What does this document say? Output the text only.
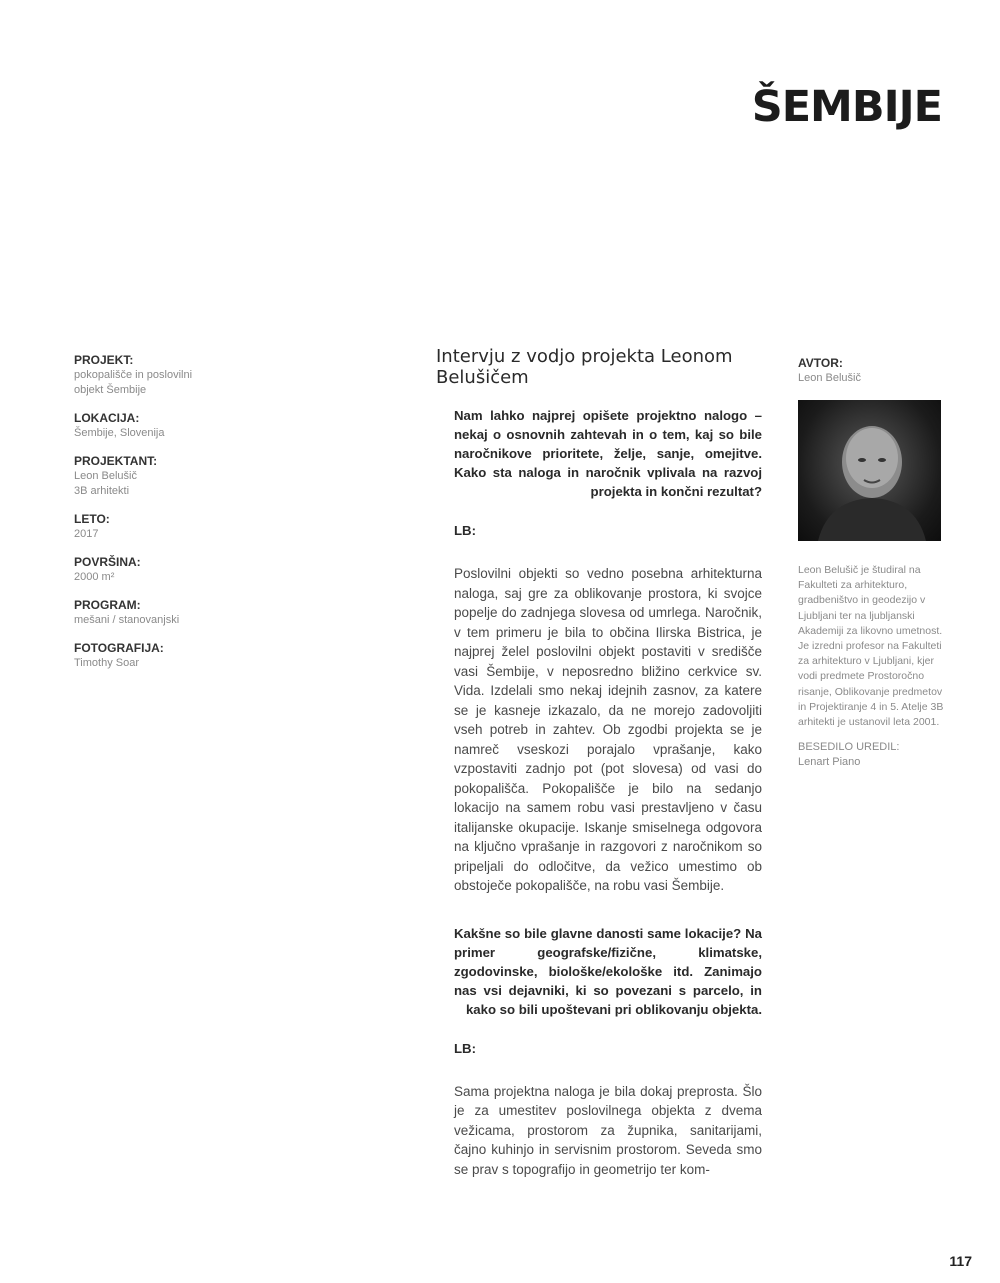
ŠEMBIJE
PROJEKT:
pokopališče in poslovilni
objekt Šembije
LOKACIJA:
Šembije, Slovenija
PROJEKTANT:
Leon Belušič
3B arhitekti
LETO:
2017
POVRŠINA:
2000 m²
PROGRAM:
mešani / stanovanjski
FOTOGRAFIJA:
Timothy Soar
Intervju z vodjo projekta Leonom Belušičem

Nam lahko najprej opišete projektno nalogo – nekaj o osnovnih zahtevah in o tem, kaj so bile naročnikove prioritete, želje, sanje, omejitve. Kako sta naloga in naročnik vplivala na razvoj projekta in končni rezultat?

LB:

Poslovilni objekti so vedno posebna arhitekturna naloga, saj gre za oblikovanje prostora, ki svojce popelje do zadnjega slovesa od umrlega. Naročnik, v tem primeru je bila to občina Ilirska Bistrica, je najprej želel poslovilni objekt postaviti v središče vasi Šembije, v neposredno bližino cerkvice sv. Vida. Izdelali smo nekaj idejnih zasnov, za katere se je kasneje izkazalo, da ne morejo zadovoljiti vseh potreb in zahtev. Ob zgodbi projekta se je namreč vseskozi porajalo vprašanje, kako vzpostaviti zadnjo pot (pot slovesa) od vasi do pokopališča. Pokopališče je bilo na sedanjo lokacijo na samem robu vasi prestavljeno v času italijanske okupacije. Iskanje smiselnega odgovora na ključno vprašanje in razgovori z naročnikom so pripeljali do odločitve, da vežico umestimo ob obstoječe pokopališče, na robu vasi Šembije.

Kakšne so bile glavne danosti same lokacije? Na primer geografske/fizične, klimatske, zgodovinske, biološke/ekološke itd. Zanimajo nas vsi dejavniki, ki so povezani s parcelo, in kako so bili upoštevani pri oblikovanju objekta.

LB:

Sama projektna naloga je bila dokaj preprosta. Šlo je za umestitev poslovilnega objekta z dvema vežicama, prostorom za župnika, sanitarijami, čajno kuhinjo in servisnim prostorom. Seveda smo se prav s topografijo in geometrijo ter kom-

AVTOR:
Leon Belušič

Leon Belušič je študiral na Fakulteti za arhitekturo, gradbeništvo in geodezijo v Ljubljani ter na ljubljanski Akademiji za likovno umetnost. Je izredni profesor na Fakulteti za arhitekturo v Ljubljani, kjer vodi predmete Prostoročno risanje, Oblikovanje predmetov in Projektiranje 4 in 5. Atelje 3B arhitekti je ustanovil leta 2001.

BESEDILO UREDIL:
Lenart Piano
117
